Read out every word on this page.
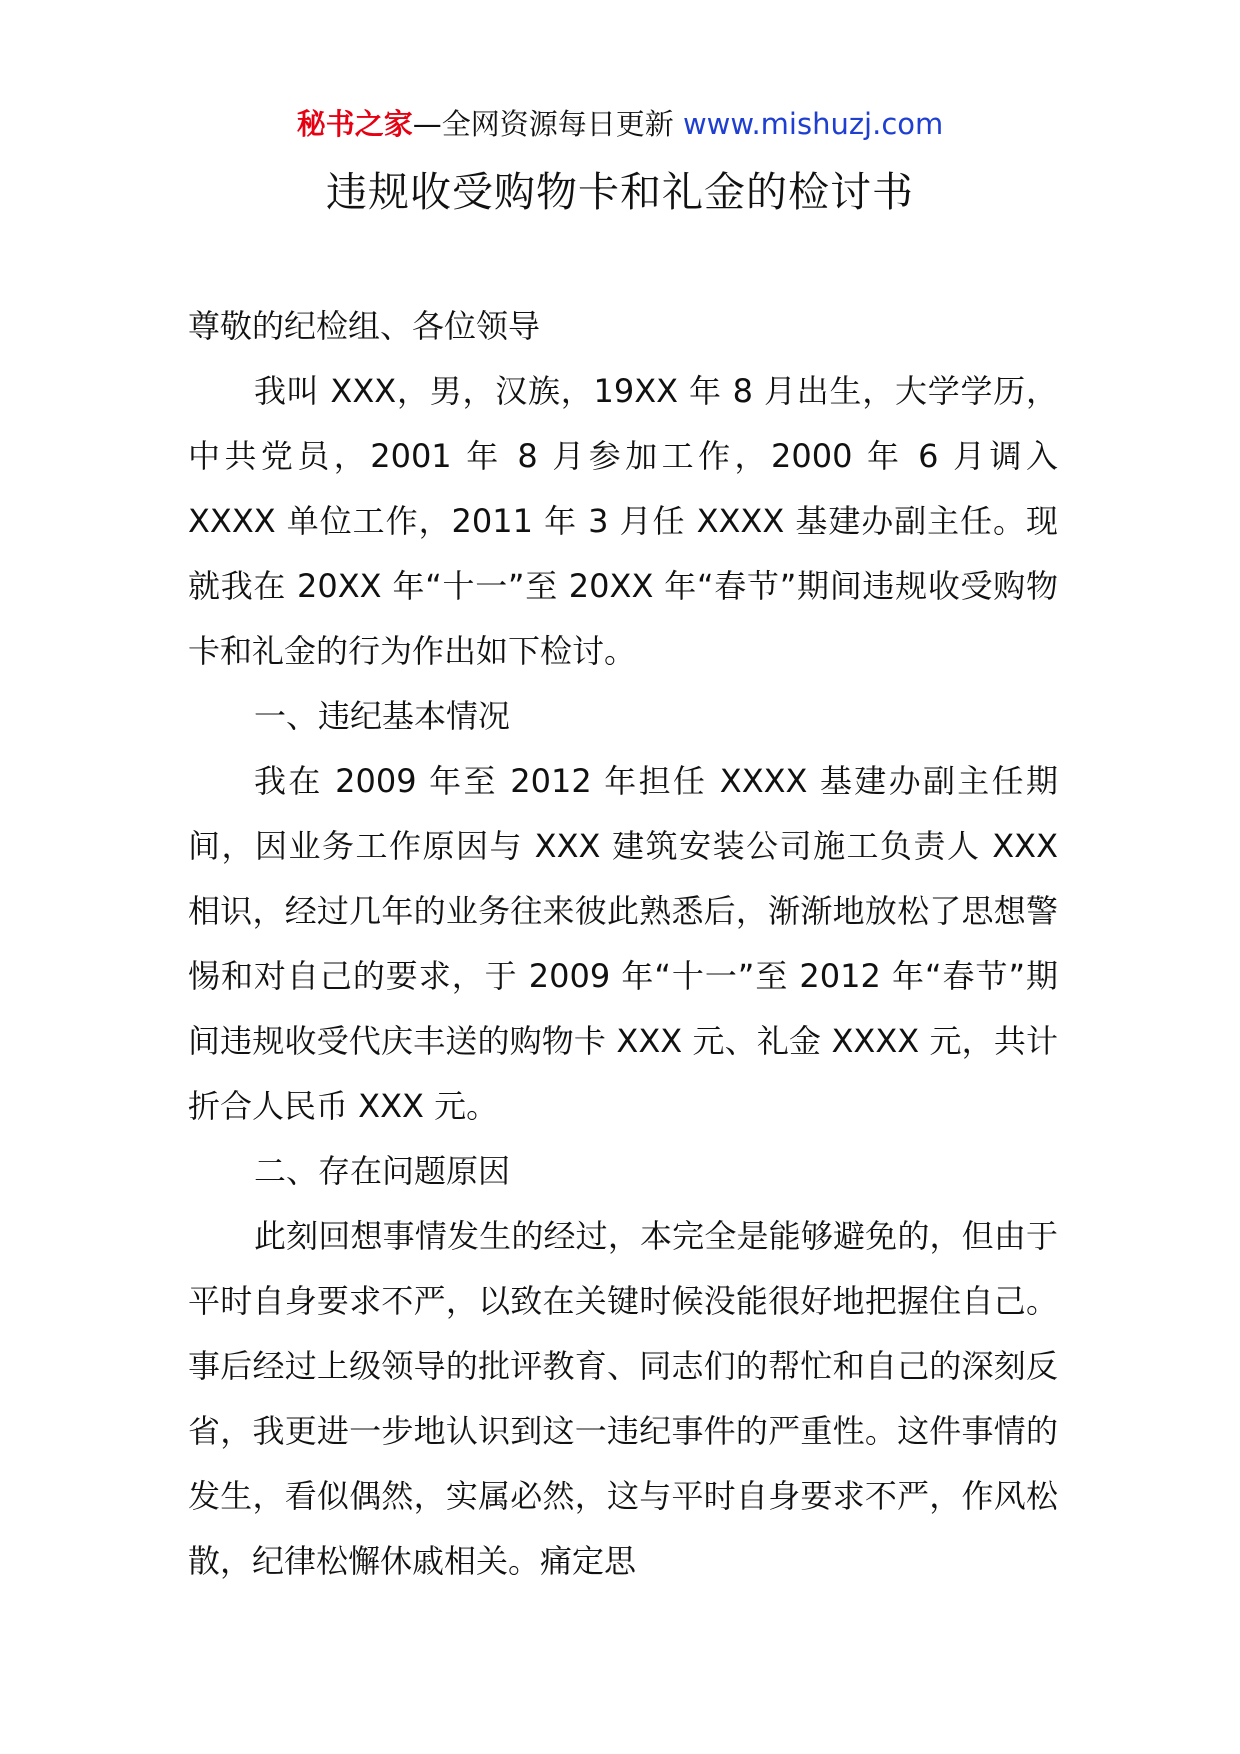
秘书之家—全网资源每日更新 www.mishuzj.com
违规收受购物卡和礼金的检讨书

尊敬的纪检组、各位领导

我叫 XXX，男，汉族，19XX 年 8 月出生，大学学历，中共党员，2001 年 8 月参加工作，2000 年 6 月调入 XXXX 单位工作，2011 年 3 月任 XXXX 基建办副主任。现就我在 20XX 年“十一”至 20XX 年“春节”期间违规收受购物卡和礼金的行为作出如下检讨。

一、违纪基本情况

我在 2009 年至 2012 年担任 XXXX 基建办副主任期间，因业务工作原因与 XXX 建筑安装公司施工负责人 XXX 相识，经过几年的业务往来彼此熟悉后，渐渐地放松了思想警惕和对自己的要求，于 2009 年“十一”至 2012 年“春节”期间违规收受代庆丰送的购物卡 XXX 元、礼金 XXXX 元，共计折合人民币 XXX 元。

二、存在问题原因

此刻回想事情发生的经过，本完全是能够避免的，但由于平时自身要求不严，以致在关键时候没能很好地把握住自己。事后经过上级领导的批评教育、同志们的帮忙和自己的深刻反省，我更进一步地认识到这一违纪事件的严重性。这件事情的发生，看似偶然，实属必然，这与平时自身要求不严，作风松散，纪律松懈休戚相关。痛定思
